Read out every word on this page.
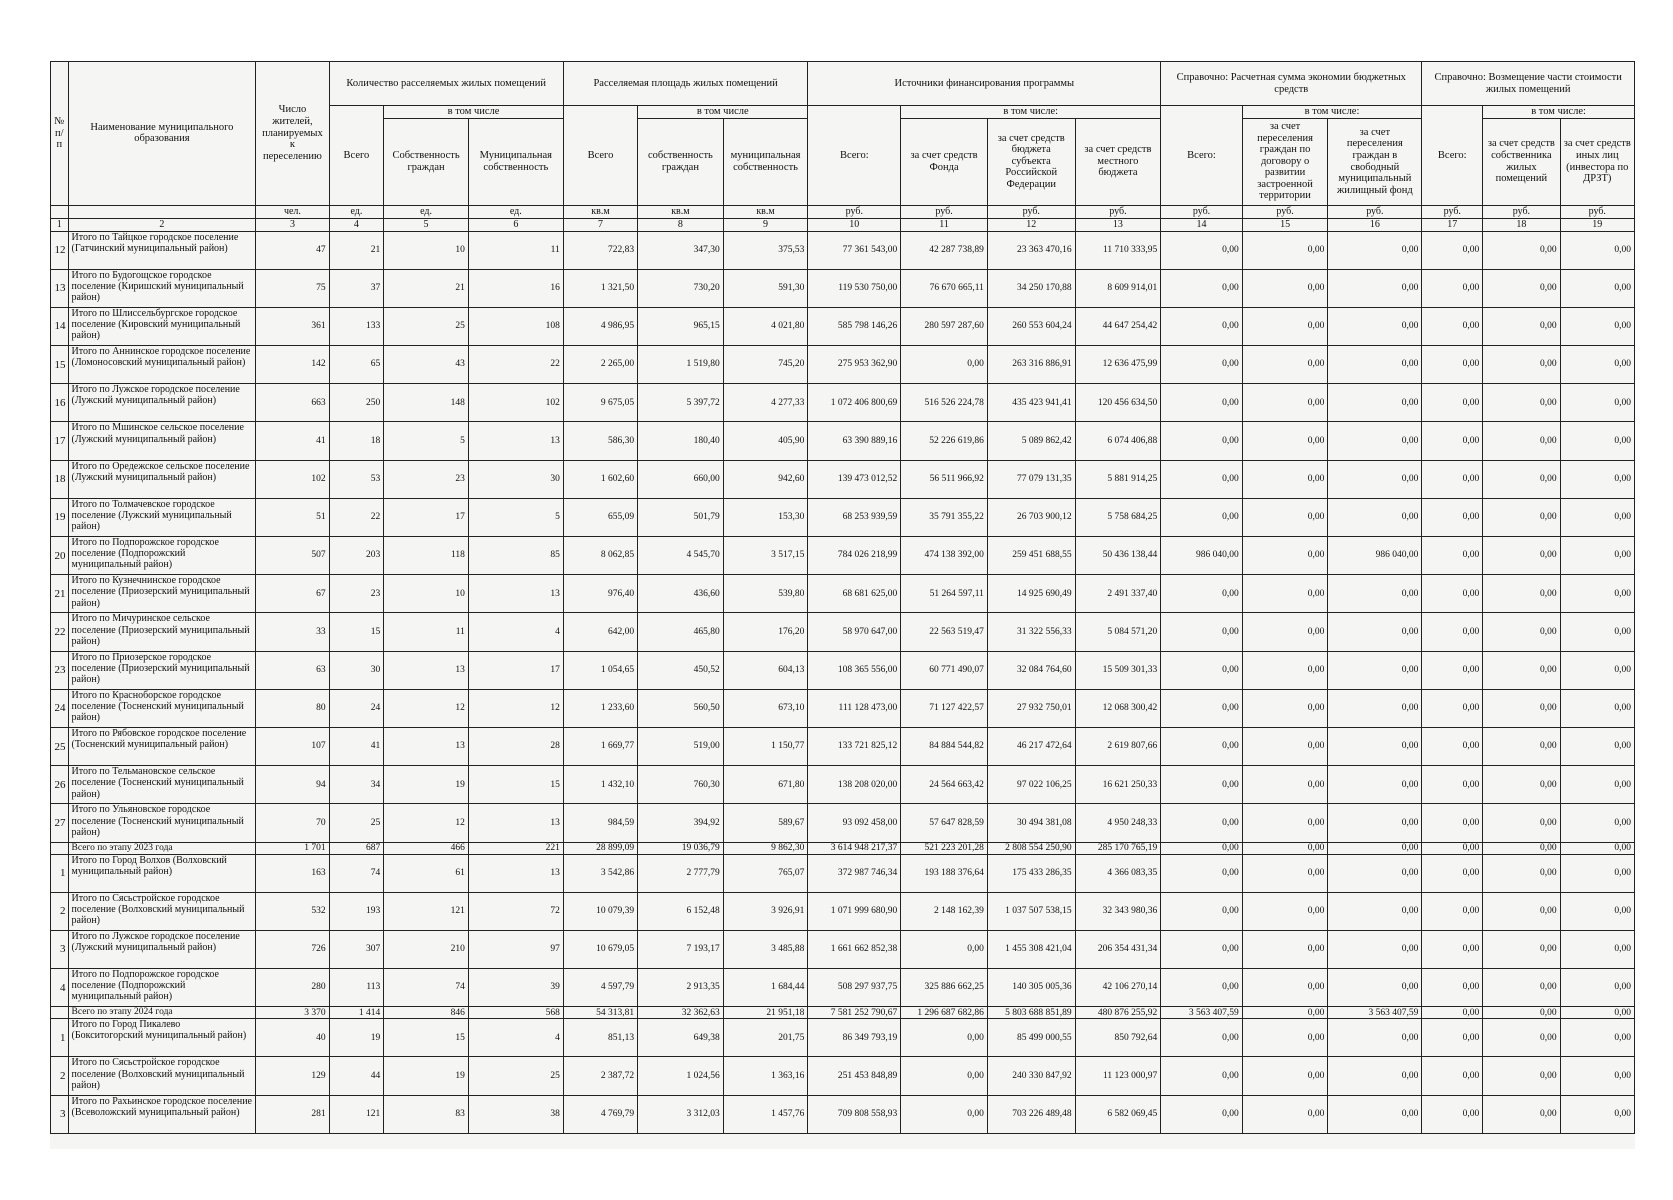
№ п/п	Наименование муниципального образования	Число жителей, планируемых к переселению	Количество расселяемых жилых помещений			Расселяемая площадь жилых помещений			Источники финансирования программы				Справочно: Расчетная сумма экономии бюджетных средств			Справочно: Возмещение части стоимости жилых помещений		
			Всего	в том числе		Всего	в том числе		Всего:	в том числе:			Всего:	в том числе:		Всего:	в том числе:	
				Собственность граждан	Муниципальная собственность		собственность граждан	муниципальная собственность		за счет средств Фонда	за счет средств бюджета субъекта Российской Федерации	за счет средств местного бюджета		за счет переселения граждан по договору о развитии застроенной территории	за счет переселения граждан в свободный муниципальный жилищный фонд		за счет средств собственника жилых помещений	за счет средств иных лиц (инвестора по ДРЗТ)
		чел.	ед.	ед.	ед.	кв.м	кв.м	кв.м	руб.	руб.	руб.	руб.	руб.	руб.	руб.	руб.	руб.	руб.
1	2	3	4	5	6	7	8	9	10	11	12	13	14	15	16	17	18	19
12	Итого по Тайцкое городское поселение (Гатчинский муниципальный район)	47	21	10	11	722,83	347,30	375,53	77 361 543,00	42 287 738,89	23 363 470,16	11 710 333,95	0,00	0,00	0,00	0,00	0,00	0,00
13	Итого по Будогощское городское поселение (Киришский муниципальный район)	75	37	21	16	1 321,50	730,20	591,30	119 530 750,00	76 670 665,11	34 250 170,88	8 609 914,01	0,00	0,00	0,00	0,00	0,00	0,00
14	Итого по Шлиссельбургское городское поселение (Кировский муниципальный район)	361	133	25	108	4 986,95	965,15	4 021,80	585 798 146,26	280 597 287,60	260 553 604,24	44 647 254,42	0,00	0,00	0,00	0,00	0,00	0,00
15	Итого по Аннинское городское поселение (Ломоносовский муниципальный район)	142	65	43	22	2 265,00	1 519,80	745,20	275 953 362,90	0,00	263 316 886,91	12 636 475,99	0,00	0,00	0,00	0,00	0,00	0,00
16	Итого по Лужское городское поселение (Лужский муниципальный район)	663	250	148	102	9 675,05	5 397,72	4 277,33	1 072 406 800,69	516 526 224,78	435 423 941,41	120 456 634,50	0,00	0,00	0,00	0,00	0,00	0,00
17	Итого по Мшинское сельское поселение (Лужский муниципальный район)	41	18	5	13	586,30	180,40	405,90	63 390 889,16	52 226 619,86	5 089 862,42	6 074 406,88	0,00	0,00	0,00	0,00	0,00	0,00
18	Итого по Оредежское сельское поселение (Лужский муниципальный район)	102	53	23	30	1 602,60	660,00	942,60	139 473 012,52	56 511 966,92	77 079 131,35	5 881 914,25	0,00	0,00	0,00	0,00	0,00	0,00
19	Итого по Толмачевское городское поселение (Лужский муниципальный район)	51	22	17	5	655,09	501,79	153,30	68 253 939,59	35 791 355,22	26 703 900,12	5 758 684,25	0,00	0,00	0,00	0,00	0,00	0,00
20	Итого по Подпорожское городское поселение (Подпорожский муниципальный район)	507	203	118	85	8 062,85	4 545,70	3 517,15	784 026 218,99	474 138 392,00	259 451 688,55	50 436 138,44	986 040,00	0,00	986 040,00	0,00	0,00	0,00
21	Итого по Кузнечнинское городское поселение (Приозерский муниципальный район)	67	23	10	13	976,40	436,60	539,80	68 681 625,00	51 264 597,11	14 925 690,49	2 491 337,40	0,00	0,00	0,00	0,00	0,00	0,00
22	Итого по Мичуринское сельское поселение (Приозерский муниципальный район)	33	15	11	4	642,00	465,80	176,20	58 970 647,00	22 563 519,47	31 322 556,33	5 084 571,20	0,00	0,00	0,00	0,00	0,00	0,00
23	Итого по Приозерское городское поселение (Приозерский муниципальный район)	63	30	13	17	1 054,65	450,52	604,13	108 365 556,00	60 771 490,07	32 084 764,60	15 509 301,33	0,00	0,00	0,00	0,00	0,00	0,00
24	Итого по Красноборское городское поселение (Тосненский муниципальный район)	80	24	12	12	1 233,60	560,50	673,10	111 128 473,00	71 127 422,57	27 932 750,01	12 068 300,42	0,00	0,00	0,00	0,00	0,00	0,00
25	Итого по Рябовское городское поселение (Тосненский муниципальный район)	107	41	13	28	1 669,77	519,00	1 150,77	133 721 825,12	84 884 544,82	46 217 472,64	2 619 807,66	0,00	0,00	0,00	0,00	0,00	0,00
26	Итого по Тельмановское сельское поселение (Тосненский муниципальный район)	94	34	19	15	1 432,10	760,30	671,80	138 208 020,00	24 564 663,42	97 022 106,25	16 621 250,33	0,00	0,00	0,00	0,00	0,00	0,00
27	Итого по Ульяновское городское поселение (Тосненский муниципальный район)	70	25	12	13	984,59	394,92	589,67	93 092 458,00	57 647 828,59	30 494 381,08	4 950 248,33	0,00	0,00	0,00	0,00	0,00	0,00
	Всего по этапу 2023 года	1 701	687	466	221	28 899,09	19 036,79	9 862,30	3 614 948 217,37	521 223 201,28	2 808 554 250,90	285 170 765,19	0,00	0,00	0,00	0,00	0,00	0,00
1	Итого по Город Волхов (Волховский муниципальный район)	163	74	61	13	3 542,86	2 777,79	765,07	372 987 746,34	193 188 376,64	175 433 286,35	4 366 083,35	0,00	0,00	0,00	0,00	0,00	0,00
2	Итого по Сясьстройское городское поселение (Волховский муниципальный район)	532	193	121	72	10 079,39	6 152,48	3 926,91	1 071 999 680,90	2 148 162,39	1 037 507 538,15	32 343 980,36	0,00	0,00	0,00	0,00	0,00	0,00
3	Итого по Лужское городское поселение (Лужский муниципальный район)	726	307	210	97	10 679,05	7 193,17	3 485,88	1 661 662 852,38	0,00	1 455 308 421,04	206 354 431,34	0,00	0,00	0,00	0,00	0,00	0,00
4	Итого по Подпорожское городское поселение (Подпорожский муниципальный район)	280	113	74	39	4 597,79	2 913,35	1 684,44	508 297 937,75	325 886 662,25	140 305 005,36	42 106 270,14	0,00	0,00	0,00	0,00	0,00	0,00
	Всего по этапу 2024 года	3 370	1 414	846	568	54 313,81	32 362,63	21 951,18	7 581 252 790,67	1 296 687 682,86	5 803 688 851,89	480 876 255,92	3 563 407,59	0,00	3 563 407,59	0,00	0,00	0,00
1	Итого по Город Пикалево (Бокситогорский муниципальный район)	40	19	15	4	851,13	649,38	201,75	86 349 793,19	0,00	85 499 000,55	850 792,64	0,00	0,00	0,00	0,00	0,00	0,00
2	Итого по Сясьстройское городское поселение (Волховский муниципальный район)	129	44	19	25	2 387,72	1 024,56	1 363,16	251 453 848,89	0,00	240 330 847,92	11 123 000,97	0,00	0,00	0,00	0,00	0,00	0,00
3	Итого по Рахьинское городское поселение (Всеволожский муниципальный район)	281	121	83	38	4 769,79	3 312,03	1 457,76	709 808 558,93	0,00	703 226 489,48	6 582 069,45	0,00	0,00	0,00	0,00	0,00	0,00
